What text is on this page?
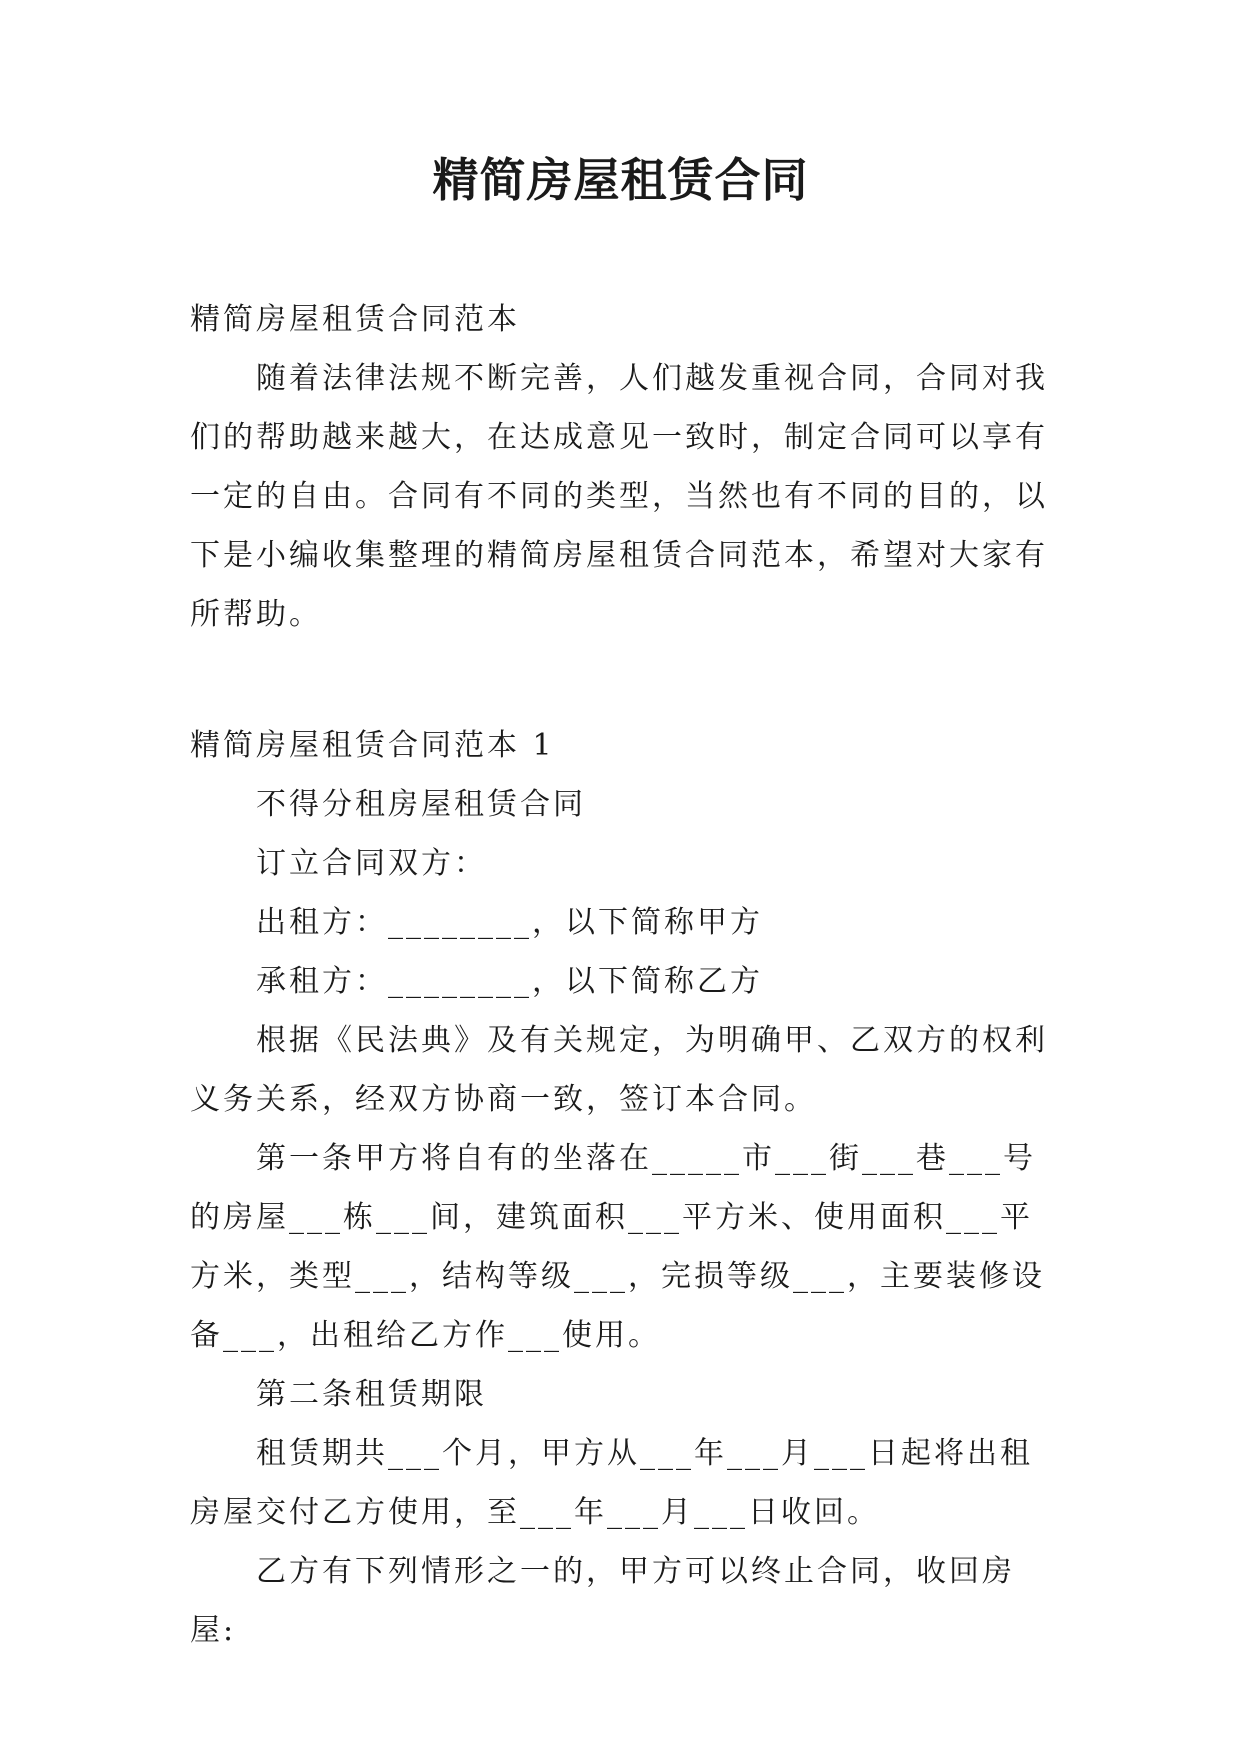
精简房屋租赁合同

精简房屋租赁合同范本

随着法律法规不断完善，人们越发重视合同，合同对我们的帮助越来越大，在达成意见一致时，制定合同可以享有一定的自由。合同有不同的类型，当然也有不同的目的，以下是小编收集整理的精简房屋租赁合同范本，希望对大家有所帮助。

精简房屋租赁合同范本 1

不得分租房屋租赁合同

订立合同双方：

出租方：________，以下简称甲方

承租方：________，以下简称乙方

根据《民法典》及有关规定，为明确甲、乙双方的权利义务关系，经双方协商一致，签订本合同。

第一条甲方将自有的坐落在_____市___街___巷___号的房屋___栋___间，建筑面积___平方米、使用面积___平方米，类型___，结构等级___，完损等级___，主要装修设备___，出租给乙方作___使用。

第二条租赁期限

租赁期共___个月，甲方从___年___月___日起将出租房屋交付乙方使用，至___年___月___日收回。

乙方有下列情形之一的，甲方可以终止合同，收回房屋:
